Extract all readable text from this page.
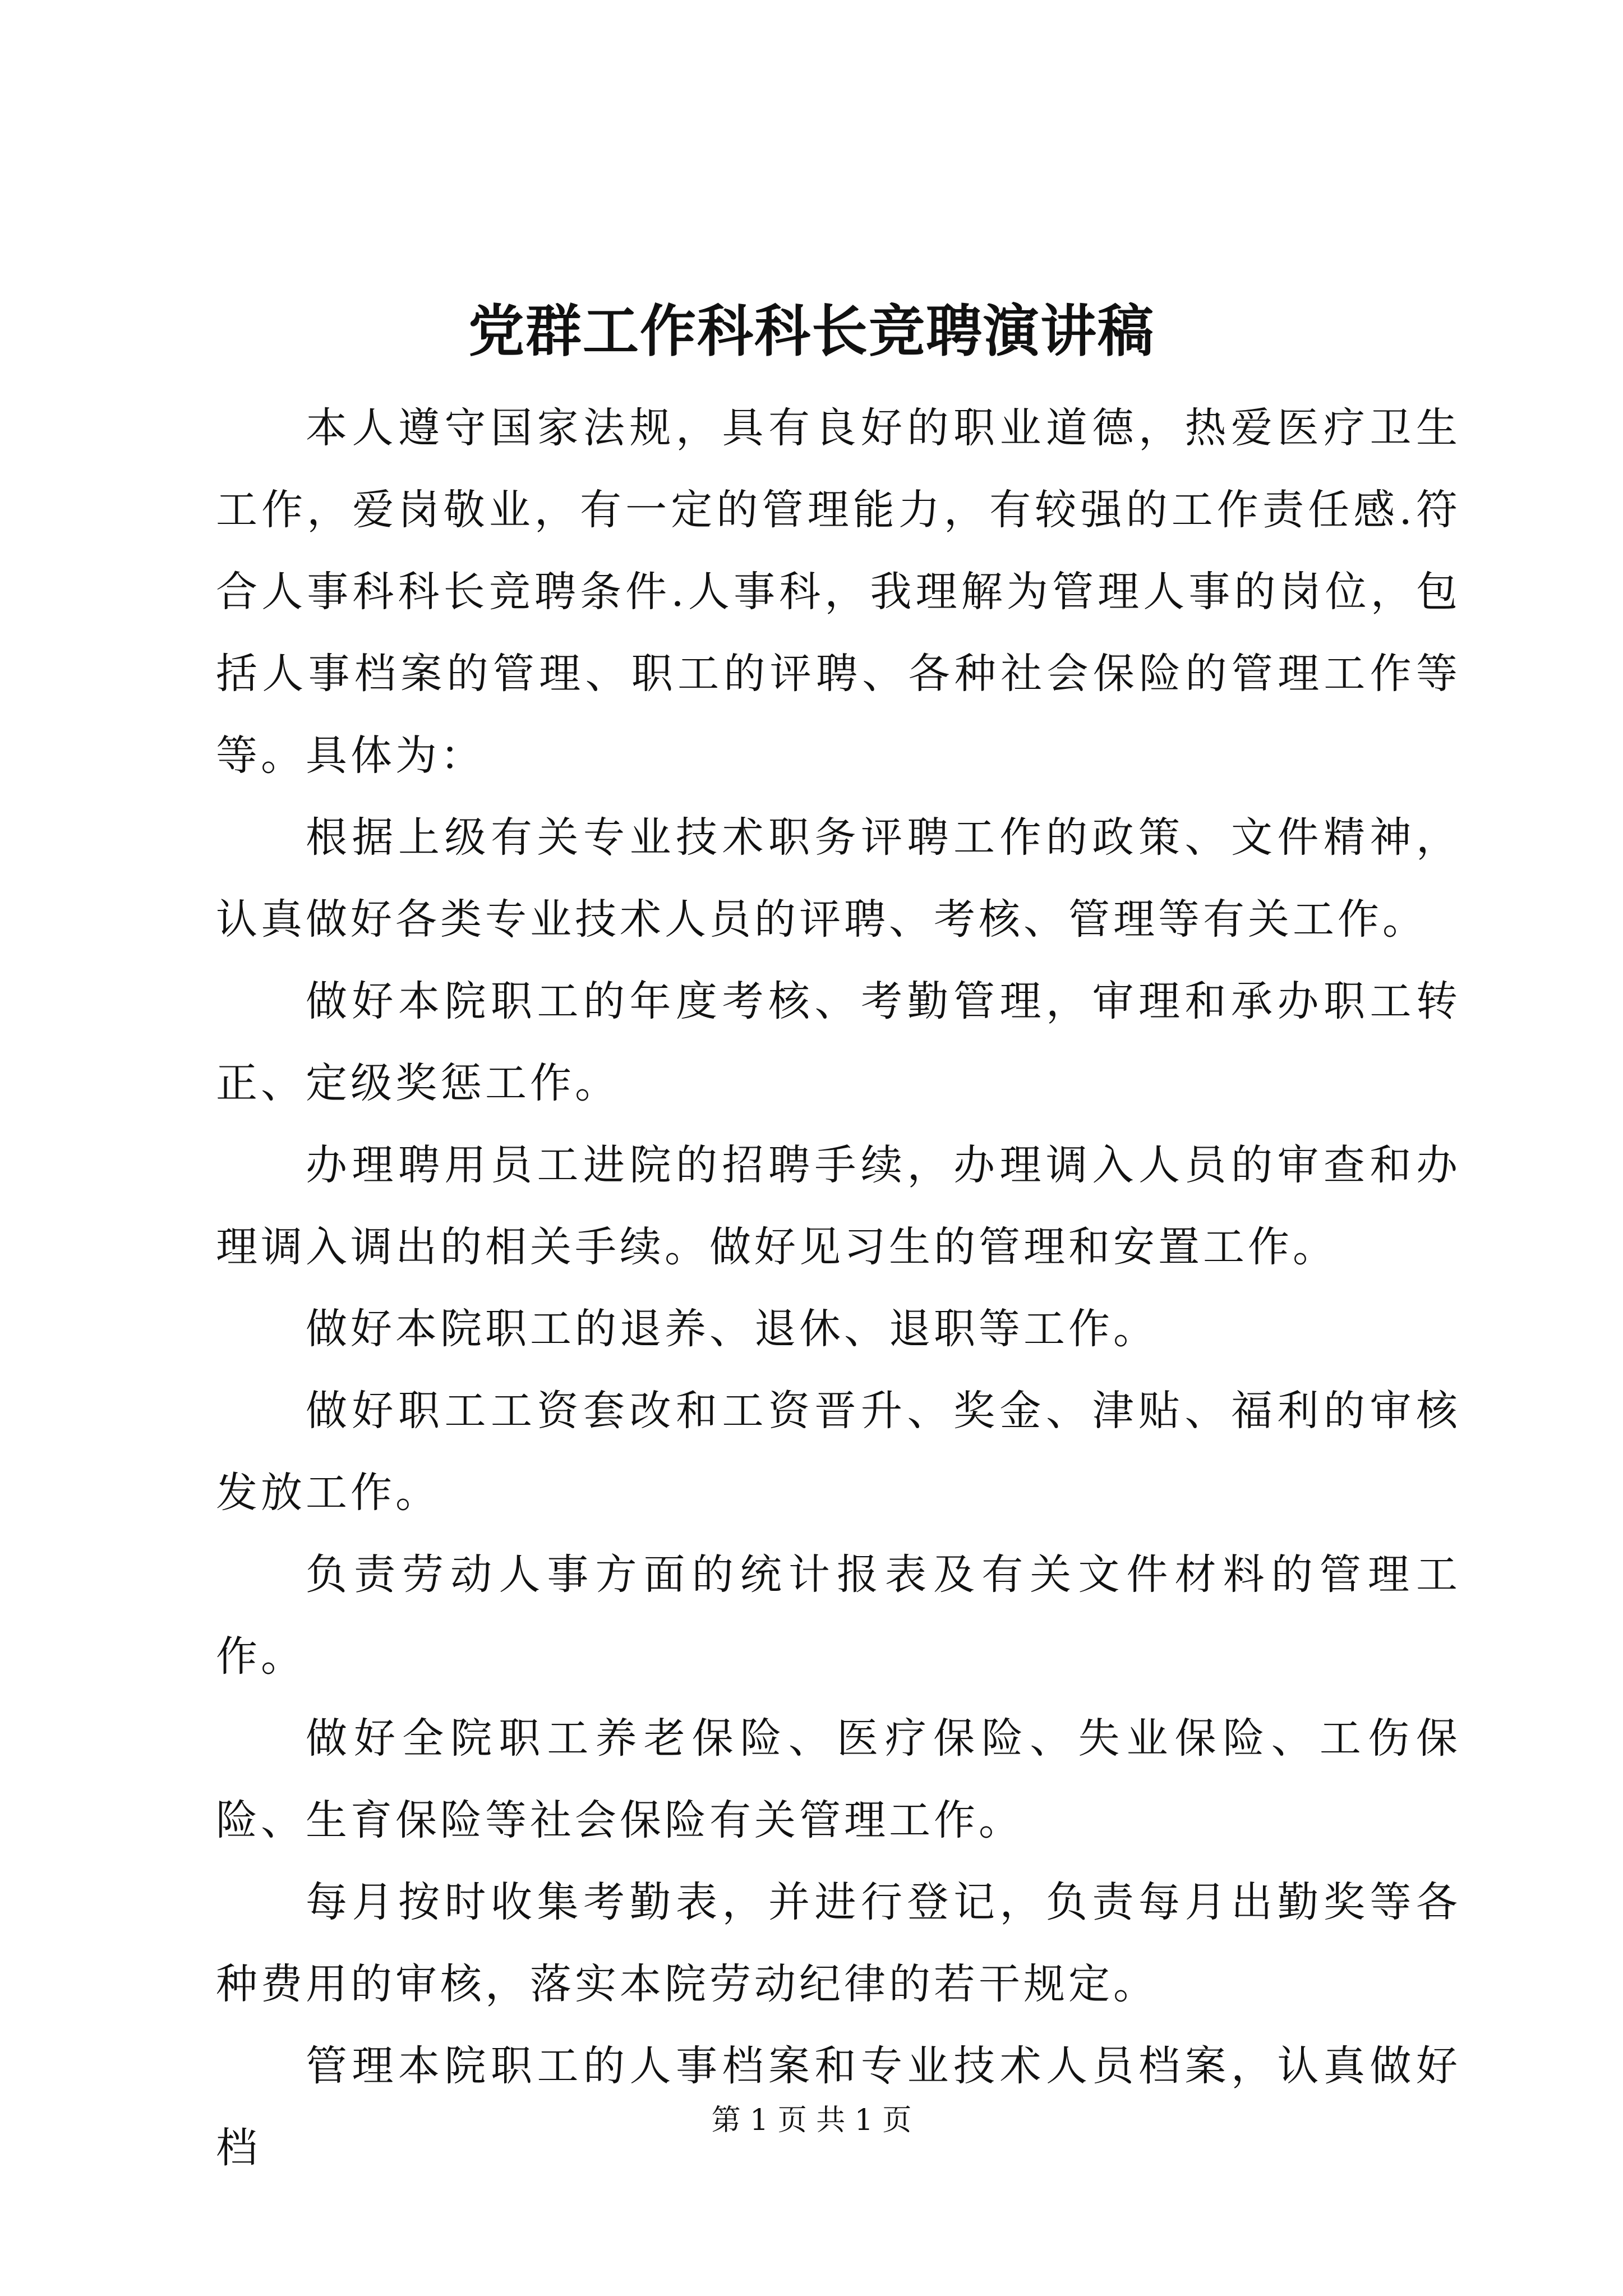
党群工作科科长竞聘演讲稿

本人遵守国家法规，具有良好的职业道德，热爱医疗卫生工作，爱岗敬业，有一定的管理能力，有较强的工作责任感.符合人事科科长竞聘条件.人事科，我理解为管理人事的岗位，包括人事档案的管理、职工的评聘、各种社会保险的管理工作等等。具体为：

根据上级有关专业技术职务评聘工作的政策、文件精神，认真做好各类专业技术人员的评聘、考核、管理等有关工作。

做好本院职工的年度考核、考勤管理，审理和承办职工转正、定级奖惩工作。

办理聘用员工进院的招聘手续，办理调入人员的审查和办理调入调出的相关手续。做好见习生的管理和安置工作。

做好本院职工的退养、退休、退职等工作。

做好职工工资套改和工资晋升、奖金、津贴、福利的审核发放工作。

负责劳动人事方面的统计报表及有关文件材料的管理工作。

做好全院职工养老保险、医疗保险、失业保险、工伤保险、生育保险等社会保险有关管理工作。

每月按时收集考勤表，并进行登记，负责每月出勤奖等各种费用的审核，落实本院劳动纪律的若干规定。

管理本院职工的人事档案和专业技术人员档案，认真做好档

第 1 页 共 1 页
